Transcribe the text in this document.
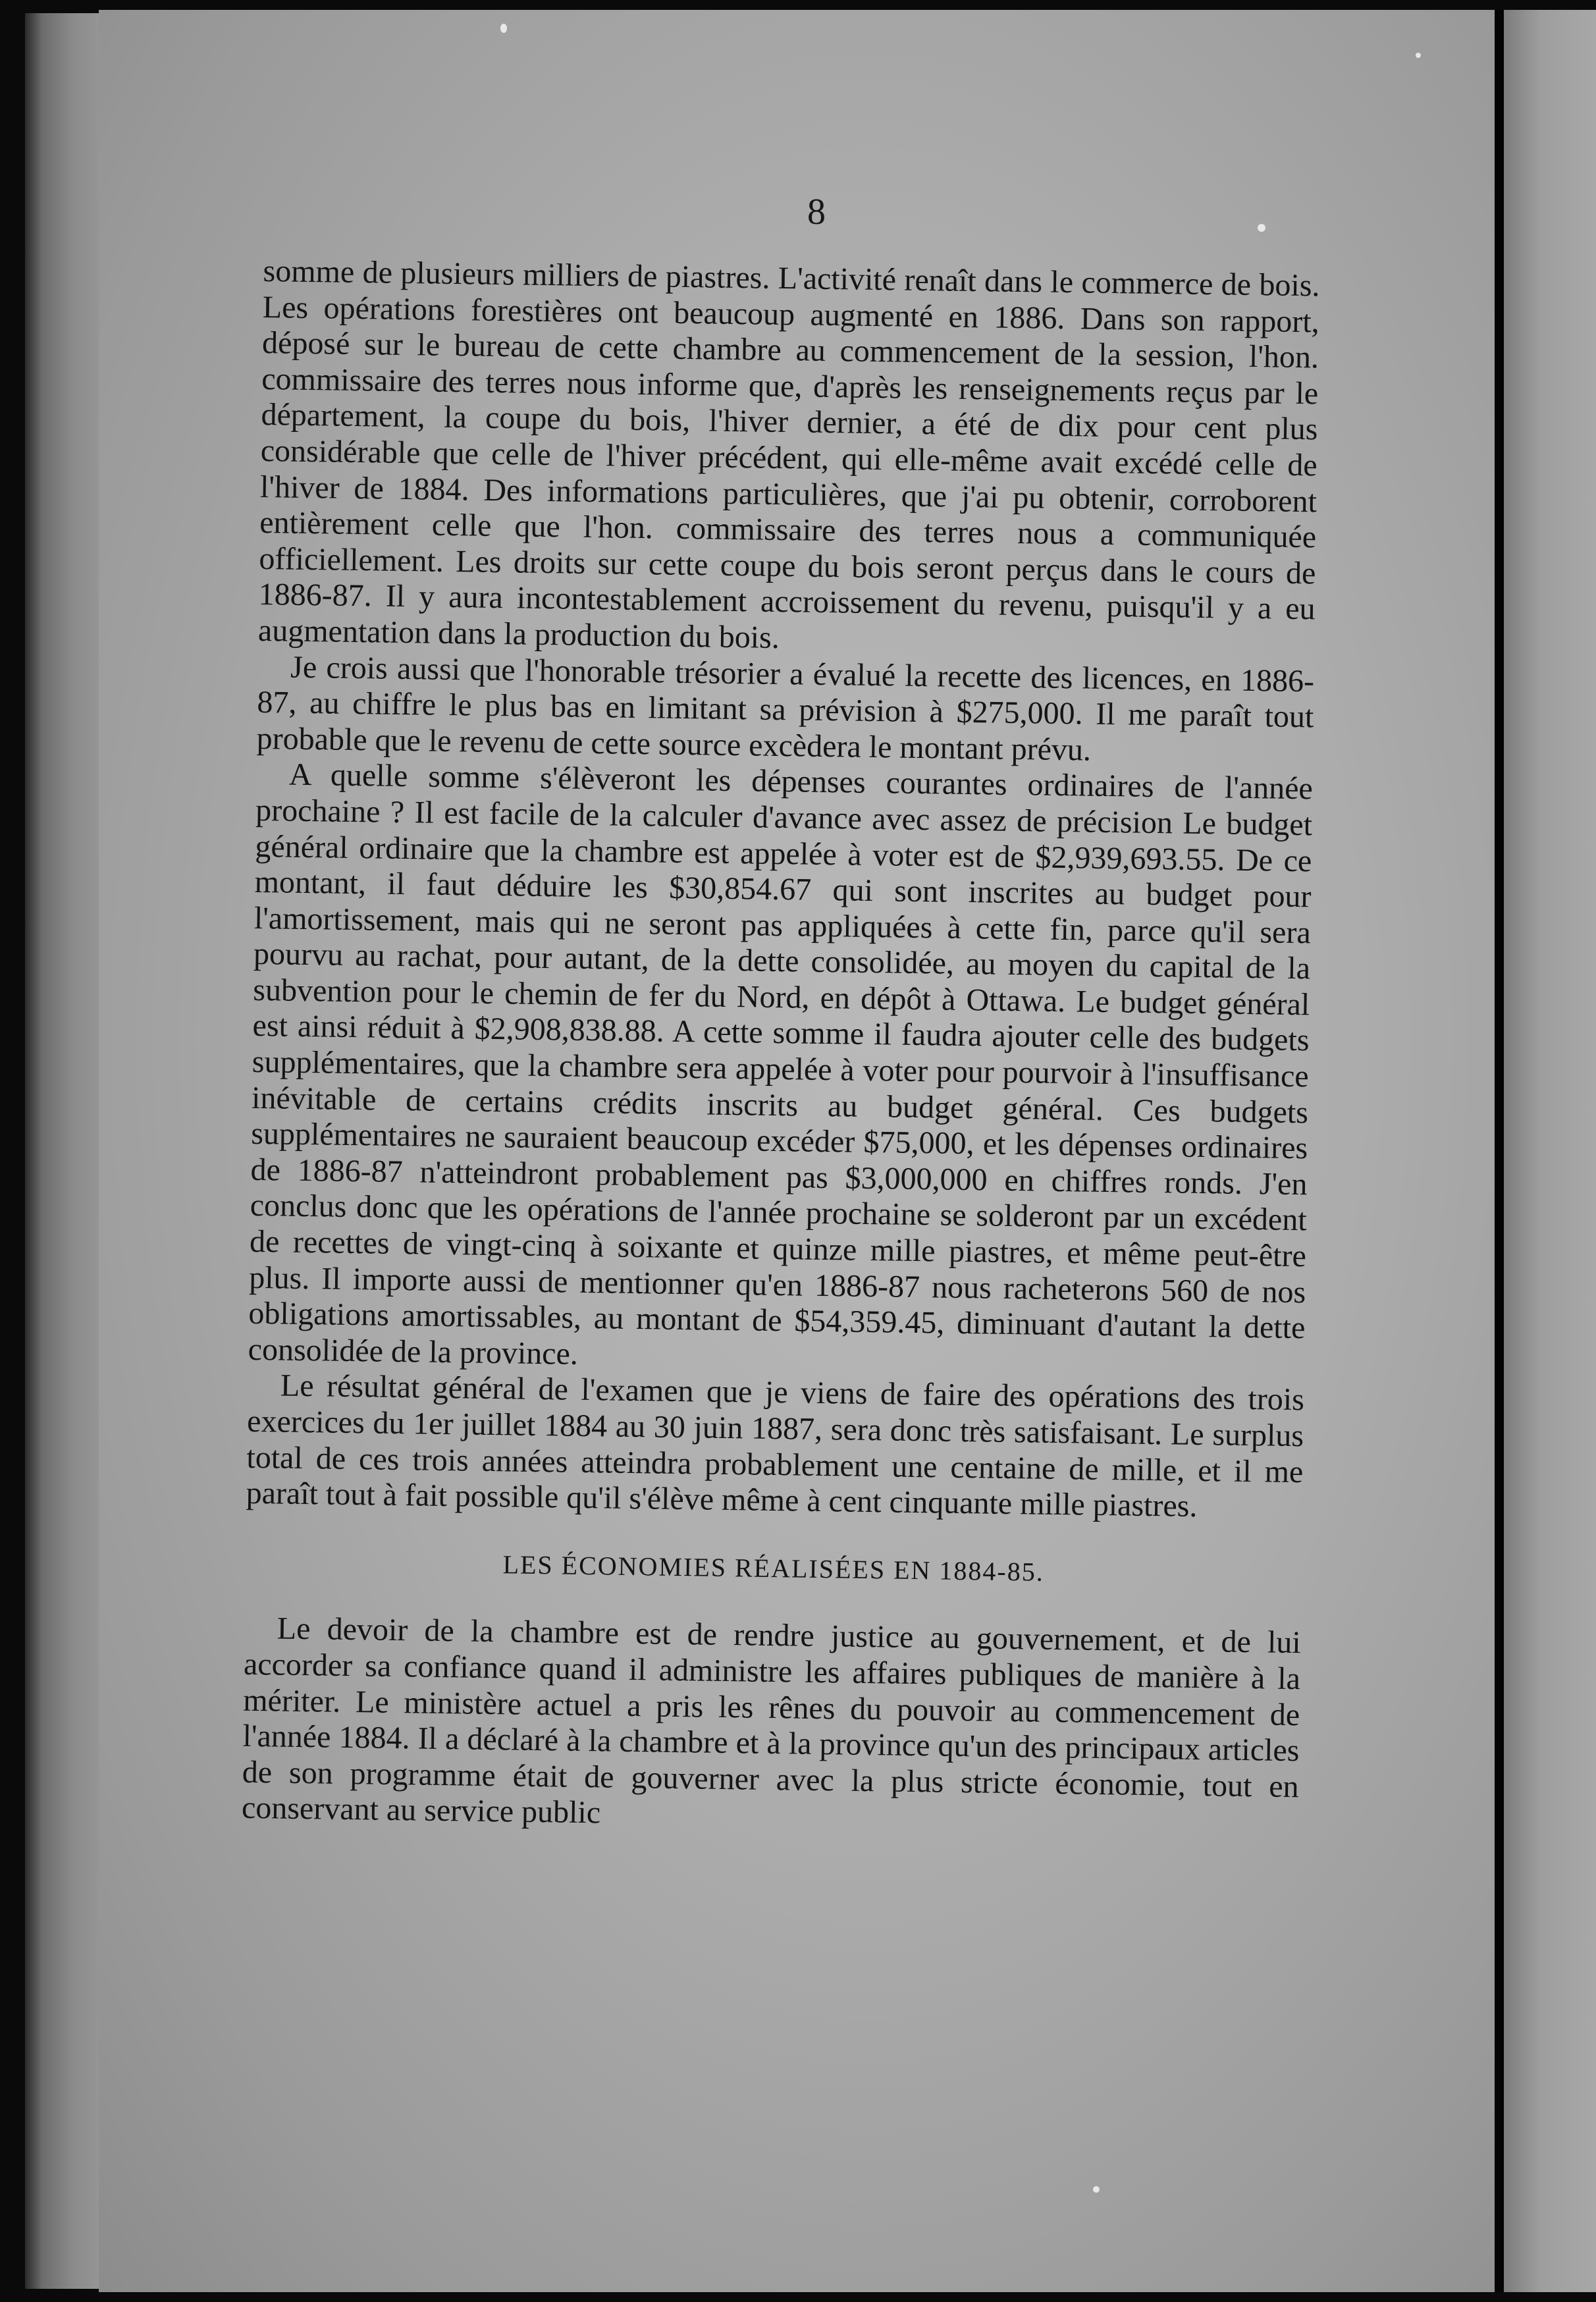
8

somme de plusieurs milliers de piastres. L'activité renaît dans le commerce de bois. Les opérations forestières ont beaucoup augmenté en 1886. Dans son rapport, déposé sur le bureau de cette chambre au commencement de la session, l'hon. commissaire des terres nous informe que, d'après les renseignements reçus par le département, la coupe du bois, l'hiver dernier, a été de dix pour cent plus considérable que celle de l'hiver précédent, qui elle-même avait excédé celle de l'hiver de 1884. Des informations particulières, que j'ai pu obtenir, corroborent entièrement celle que l'hon. commissaire des terres nous a communiquée officiellement. Les droits sur cette coupe du bois seront perçus dans le cours de 1886-87. Il y aura incontestablement accroissement du revenu, puisqu'il y a eu augmentation dans la production du bois.

Je crois aussi que l'honorable trésorier a évalué la recette des licences, en 1886-87, au chiffre le plus bas en limitant sa prévision à $275,000. Il me paraît tout probable que le revenu de cette source excèdera le montant prévu.

A quelle somme s'élèveront les dépenses courantes ordinaires de l'année prochaine ? Il est facile de la calculer d'avance avec assez de précision Le budget général ordinaire que la chambre est appelée à voter est de $2,939,693.55. De ce montant, il faut déduire les $30,854.67 qui sont inscrites au budget pour l'amortissement, mais qui ne seront pas appliquées à cette fin, parce qu'il sera pourvu au rachat, pour autant, de la dette consolidée, au moyen du capital de la subvention pour le chemin de fer du Nord, en dépôt à Ottawa. Le budget général est ainsi réduit à $2,908,838.88. A cette somme il faudra ajouter celle des budgets supplémentaires, que la chambre sera appelée à voter pour pourvoir à l'insuffisance inévitable de certains crédits inscrits au budget général. Ces budgets supplémentaires ne sauraient beaucoup excéder $75,000, et les dépenses ordinaires de 1886-87 n'atteindront probablement pas $3,000,000 en chiffres ronds. J'en conclus donc que les opérations de l'année prochaine se solderont par un excédent de recettes de vingt-cinq à soixante et quinze mille piastres, et même peut-être plus. Il importe aussi de mentionner qu'en 1886-87 nous racheterons 560 de nos obligations amortissables, au montant de $54,359.45, diminuant d'autant la dette consolidée de la province.

Le résultat général de l'examen que je viens de faire des opérations des trois exercices du 1er juillet 1884 au 30 juin 1887, sera donc très satisfaisant. Le surplus total de ces trois années atteindra probablement une centaine de mille, et il me paraît tout à fait possible qu'il s'élève même à cent cinquante mille piastres.

LES ÉCONOMIES RÉALISÉES EN 1884-85.

Le devoir de la chambre est de rendre justice au gouvernement, et de lui accorder sa confiance quand il administre les affaires publiques de manière à la mériter. Le ministère actuel a pris les rênes du pouvoir au commencement de l'année 1884. Il a déclaré à la chambre et à la province qu'un des principaux articles de son programme était de gouverner avec la plus stricte économie, tout en conservant au service public
